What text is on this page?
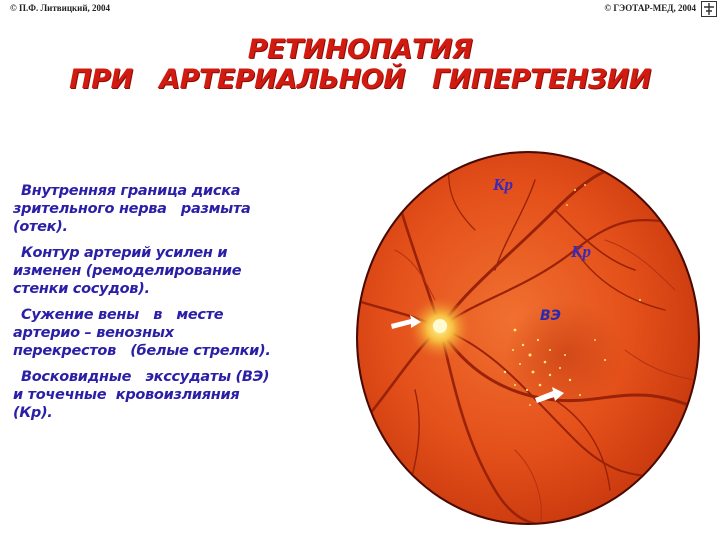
© П.Ф. Литвицкий, 2004	© ГЭОТАР-МЕД, 2004
РЕТИНОПАТИЯ
ПРИ   АРТЕРИАЛЬНОЙ   ГИПЕРТЕНЗИИ
Внутренняя граница диска
зрительного нерва   размыта
(отек).
Контур артерий усилен и
изменен (ремоделирование
стенки сосудов).
Сужение вены   в   месте
артерио – венозных
перекрестов   (белые стрелки).
Восковидные   экссудаты (ВЭ)
и точечные  кровоизлияния
(Кр).
Кр
Кр
ВЭ
